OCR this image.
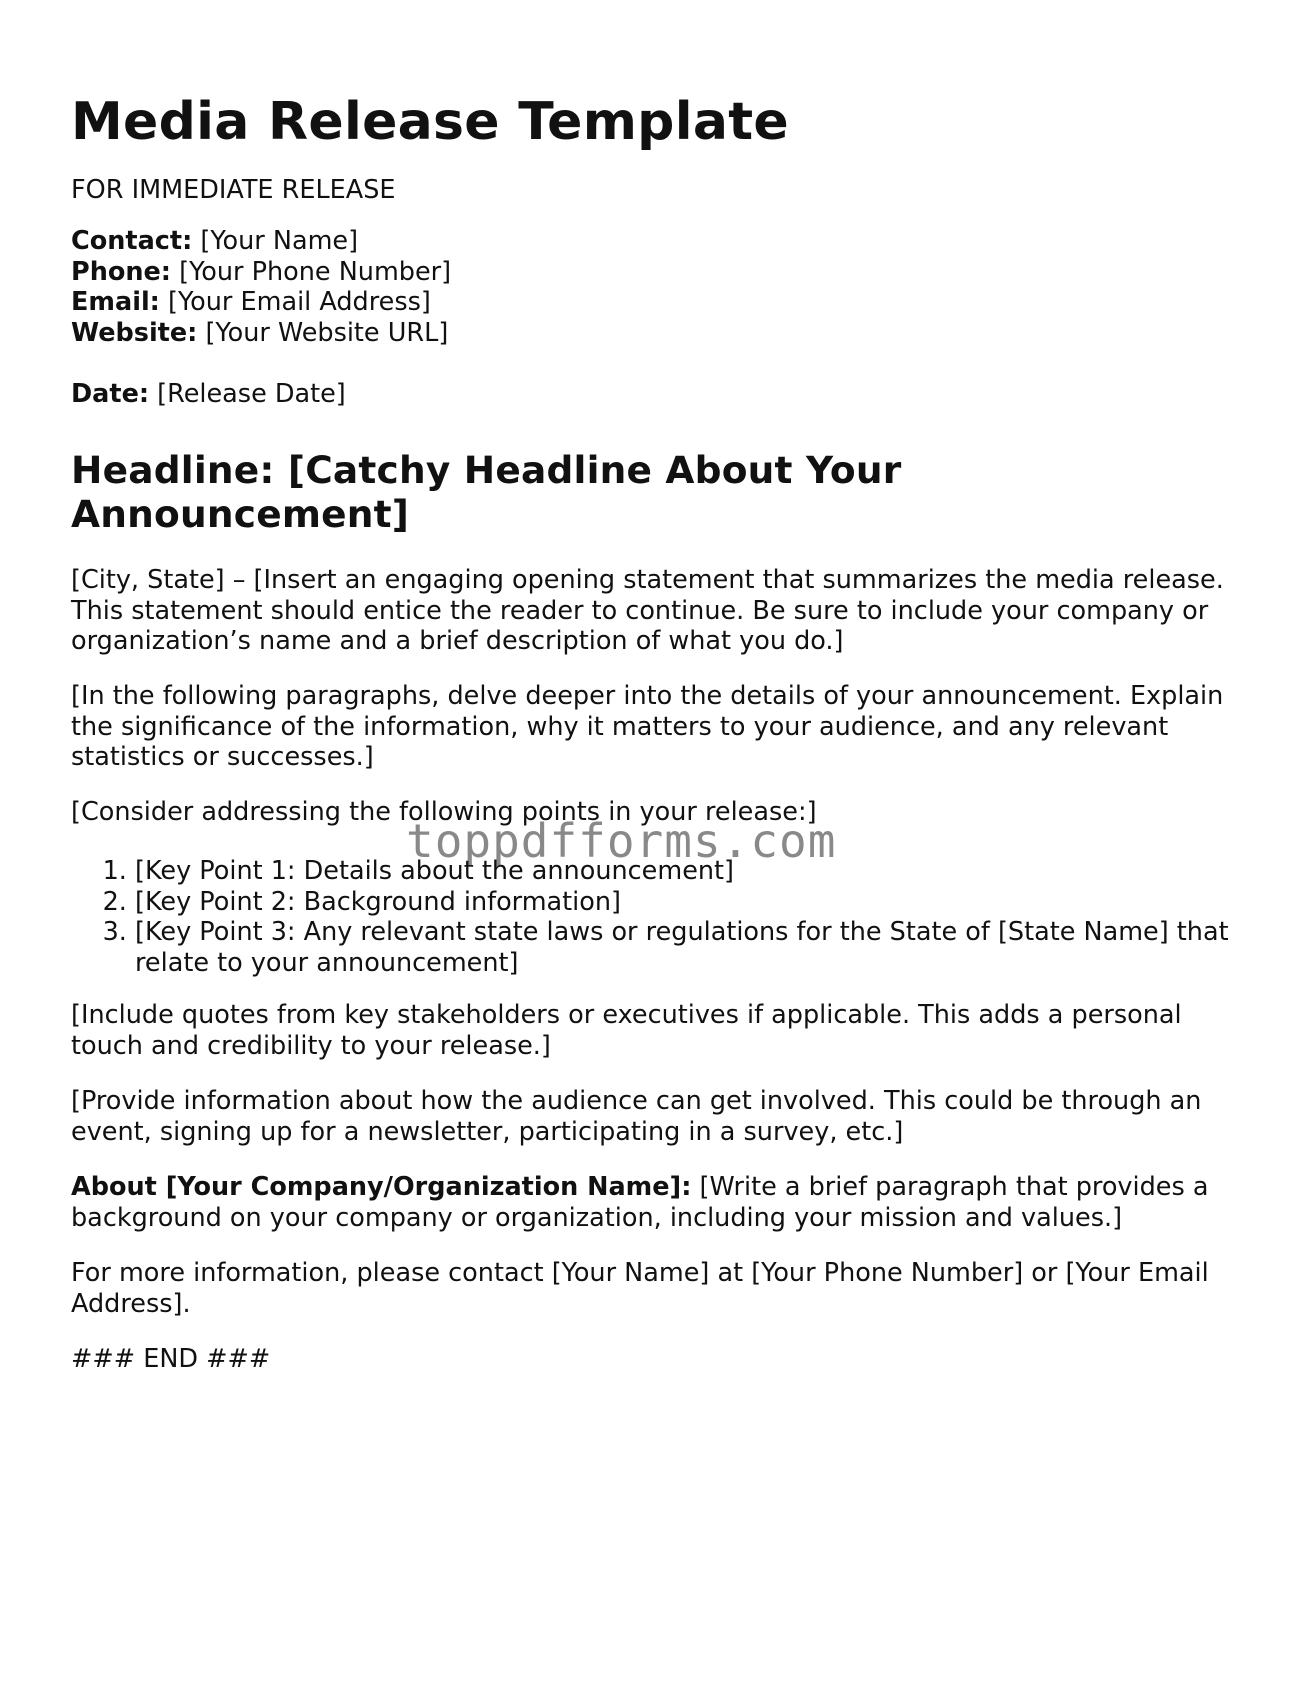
Media Release Template

FOR IMMEDIATE RELEASE

Contact: [Your Name]
Phone: [Your Phone Number]
Email: [Your Email Address]
Website: [Your Website URL]
Date: [Release Date]
Headline: [Catchy Headline About Your Announcement]

[City, State] – [Insert an engaging opening statement that summarizes the media release. This statement should entice the reader to continue. Be sure to include your company or organization’s name and a brief description of what you do.]

[In the following paragraphs, delve deeper into the details of your announcement. Explain the significance of the information, why it matters to your audience, and any relevant statistics or successes.]

[Consider addressing the following points in your release:]

1. [Key Point 1: Details about the announcement]
2. [Key Point 2: Background information]
3. [Key Point 3: Any relevant state laws or regulations for the State of [State Name] that relate to your announcement]

[Include quotes from key stakeholders or executives if applicable. This adds a personal touch and credibility to your release.]

[Provide information about how the audience can get involved. This could be through an event, signing up for a newsletter, participating in a survey, etc.]

About [Your Company/Organization Name]: [Write a brief paragraph that provides a background on your company or organization, including your mission and values.]

For more information, please contact [Your Name] at [Your Phone Number] or [Your Email Address].

### END ###

toppdfforms.com
